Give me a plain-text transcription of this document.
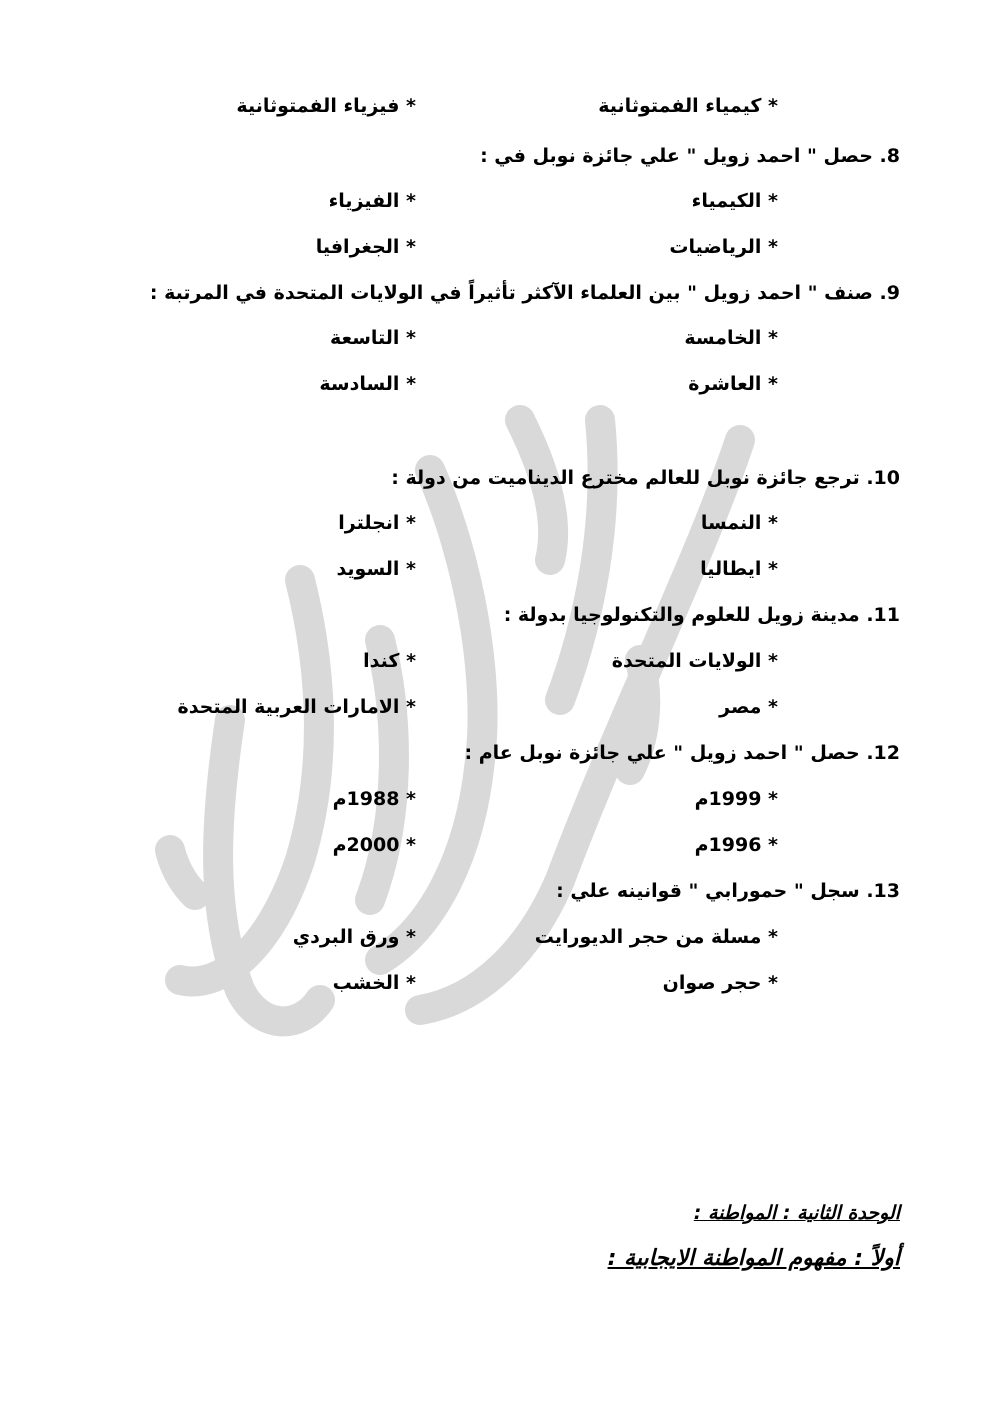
* كيمياء الفمتوثانية
* فيزياء الفمتوثانية
8. حصل " احمد زويل " علي جائزة نوبل في :
* الكيمياء
* الفيزياء
* الرياضيات
* الجغرافيا
9. صنف " احمد زويل " بين العلماء الآكثر تأثيراً في الولايات المتحدة في المرتبة :
* الخامسة
* التاسعة
* العاشرة
* السادسة
10. ترجع جائزة نوبل للعالم مخترع الديناميت من دولة :
* النمسا
* انجلترا
* ايطاليا
* السويد
11. مدينة زويل للعلوم والتكنولوجيا بدولة :
* الولايات المتحدة
* كندا
* مصر
* الامارات العربية المتحدة
12. حصل " احمد زويل " علي جائزة نوبل عام :
* 1999م
* 1988م
* 1996م
* 2000م
13. سجل " حمورابي " قوانينه علي :
* مسلة من حجر الديورايت
* ورق البردي
* حجر صوان
* الخشب
الوحدة الثانية : المواطنة :
أولاً : مفهوم المواطنة الايجابية :
